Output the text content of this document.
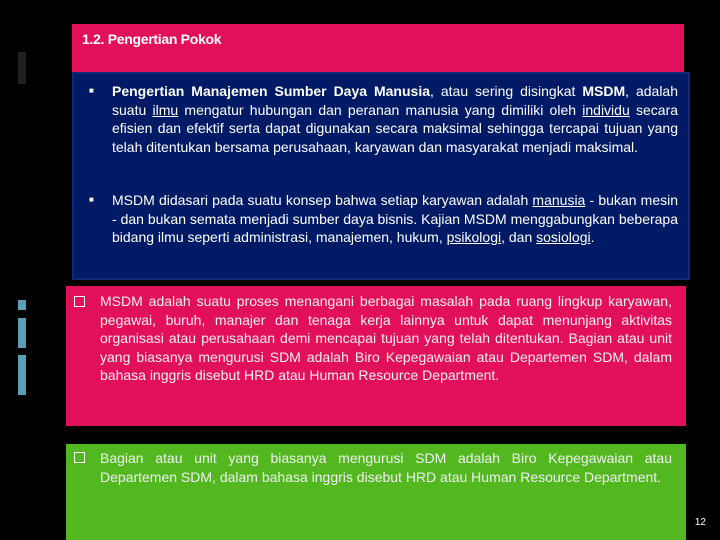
1.2. Pengertian Pokok
■ Pengertian Manajemen Sumber Daya Manusia, atau sering disingkat MSDM, adalah suatu ilmu mengatur hubungan dan peranan manusia yang dimiliki oleh individu secara efisien dan efektif serta dapat digunakan secara maksimal sehingga tercapai tujuan yang telah ditentukan bersama perusahaan, karyawan dan masyarakat menjadi maksimal.
■ MSDM didasari pada suatu konsep bahwa setiap karyawan adalah manusia - bukan mesin - dan bukan semata menjadi sumber daya bisnis. Kajian MSDM menggabungkan beberapa bidang ilmu seperti administrasi, manajemen, hukum, psikologi, dan sosiologi.
MSDM adalah suatu proses menangani berbagai masalah pada ruang lingkup karyawan, pegawai, buruh, manajer dan tenaga kerja lainnya untuk dapat menunjang aktivitas organisasi atau perusahaan demi mencapai tujuan yang telah ditentukan. Bagian atau unit yang biasanya mengurusi SDM adalah Biro Kepegawaian atau Departemen SDM, dalam bahasa inggris disebut HRD atau Human Resource Department.
Bagian atau unit yang biasanya mengurusi SDM adalah Biro Kepegawaian atau Departemen SDM, dalam bahasa inggris disebut HRD atau Human Resource Department.
12
